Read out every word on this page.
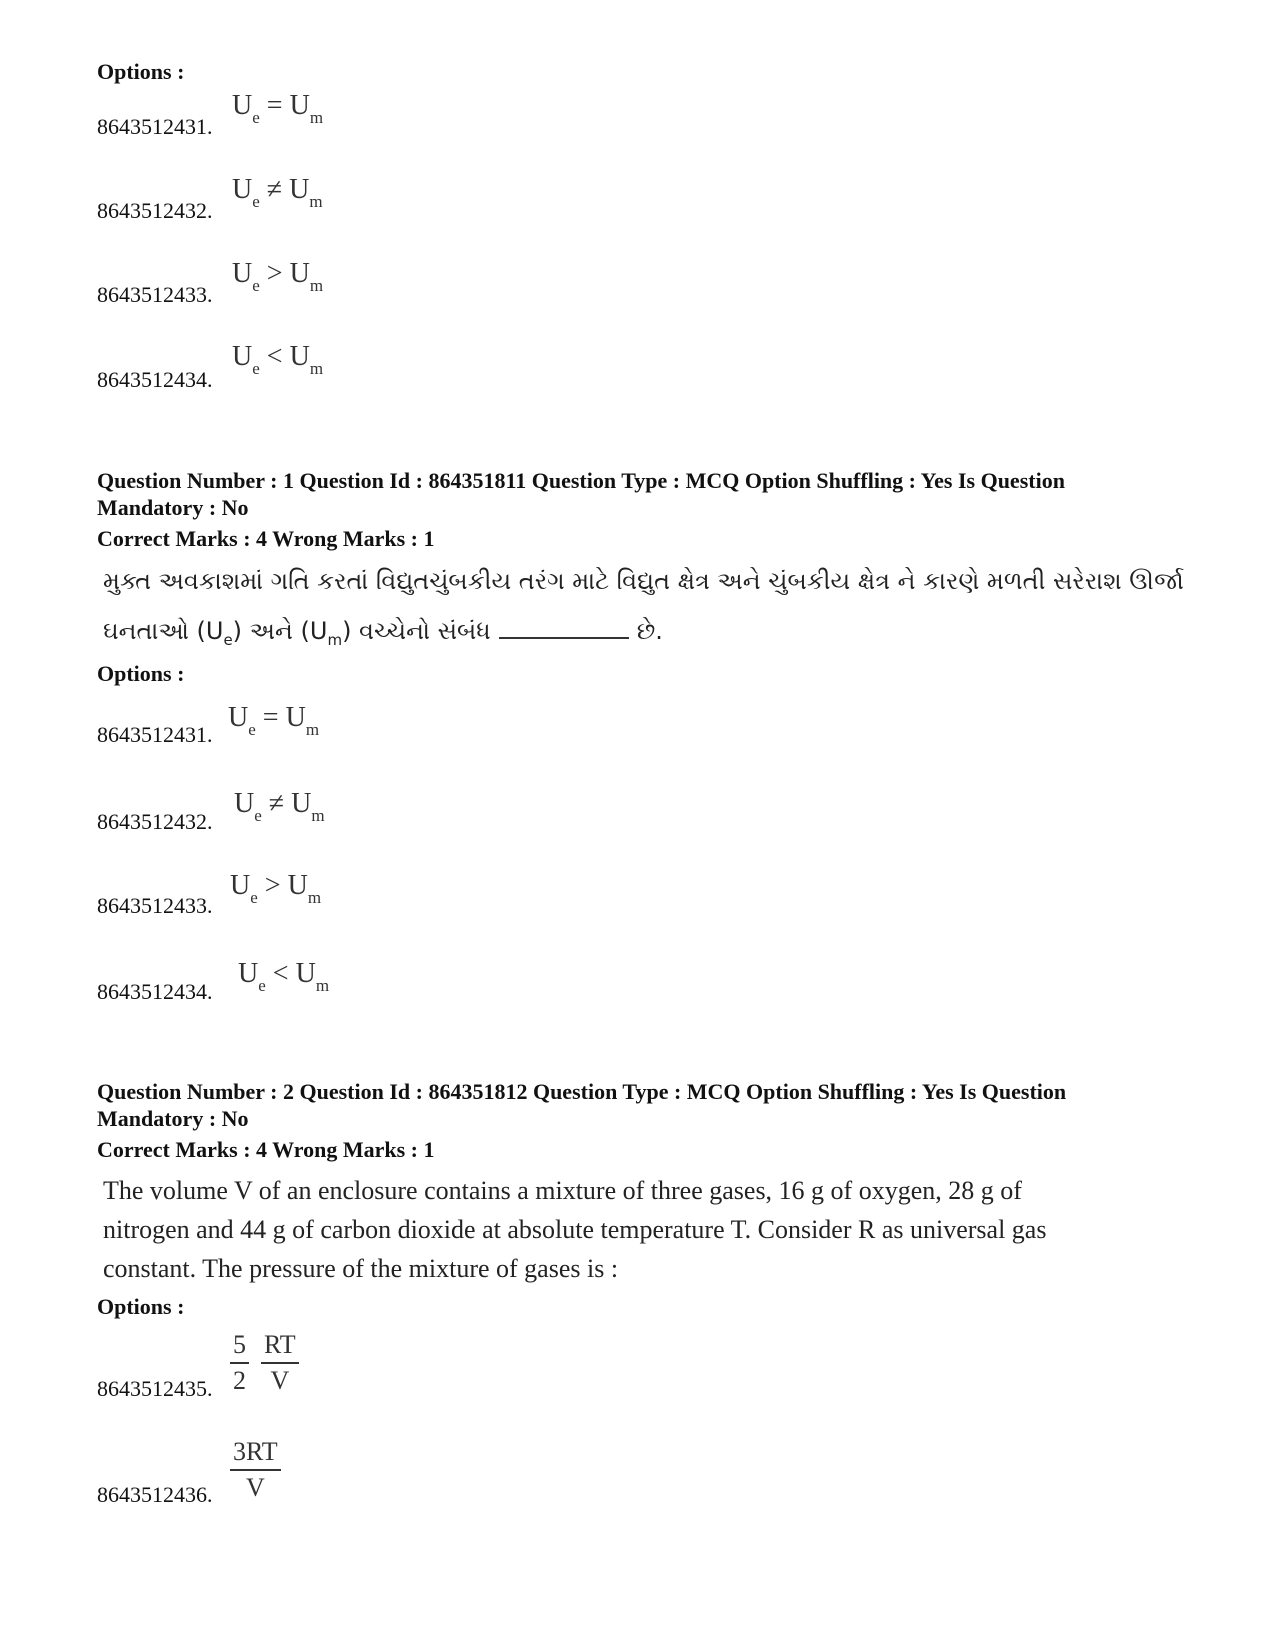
Options :
8643512431.
$U_e = U_m$
8643512432.
$U_e \ne U_m$
8643512433.
$U_e > U_m$
8643512434.
$U_e < U_m$
Question Number : 1 Question Id : 864351811 Question Type : MCQ Option Shuffling : Yes Is Question
Mandatory : No
Correct Marks : 4 Wrong Marks : 1
મુક્ત અવકાશમાં ગતિ કરતાં વિદ્યુતચુંબકીય તરંગ માટે વિદ્યુત ક્ષેત્ર અને ચુંબકીય ક્ષેત્ર ને કારણે મળતી સરેરાશ ઊર્જા
ઘનતાઓ $(U_e)$ અને $(U_m)$ વચ્ચેનો સંબંધ	છે.
Options :
8643512431.
$U_e = U_m$
8643512432.
$U_e \ne U_m$
8643512433.
$U_e > U_m$
8643512434.
$U_e < U_m$
Question Number : 2 Question Id : 864351812 Question Type : MCQ Option Shuffling : Yes Is Question
Mandatory : No
Correct Marks : 4 Wrong Marks : 1
The volume V of an enclosure contains a mixture of three gases, 16 g of oxygen, 28 g of
nitrogen and 44 g of carbon dioxide at absolute temperature T. Consider R as universal gas
constant. The pressure of the mixture of gases is :
Options :
8643512435. $\frac{5}{2}$
$\frac{RT}{V}$
8643512436. $\frac{3RT}{V}$
